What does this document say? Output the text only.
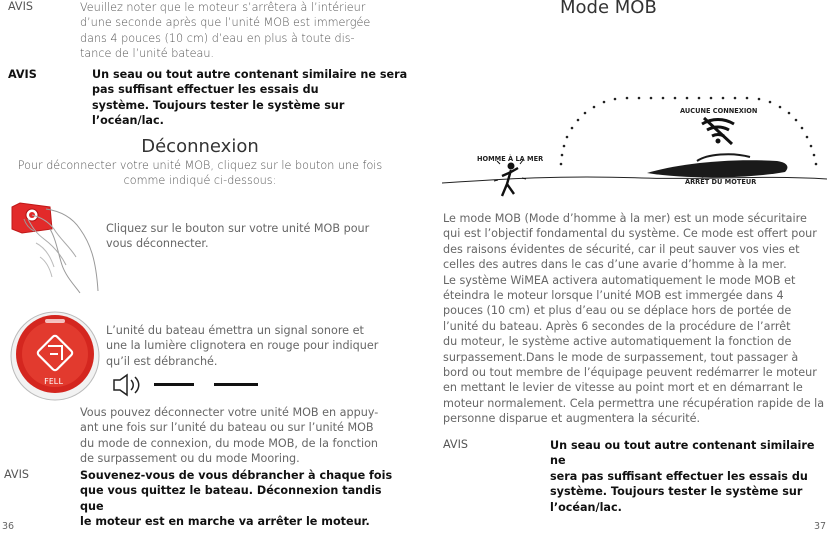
AVIS	Veuillez noter que le moteur s’arrêtera à l’intérieur
d’une seconde après que l’unité MOB est immergée
dans 4 pouces (10 cm) d’eau en plus à toute dis-
tance de l’unité bateau.
AVIS	Un seau ou tout autre contenant similaire ne sera
pas suffisant effectuer les essais du
système. Toujours tester le système sur l’océan/lac.
Déconnexion
Pour déconnecter votre unité MOB, cliquez sur le bouton une fois
comme indiqué ci-dessous:
Cliquez sur le bouton sur votre unité MOB pour
vous déconnecter.
FELL
L’unité du bateau émettra un signal sonore et
une la lumière clignotera en rouge pour indiquer
qu’il est débranché.
Vous pouvez déconnecter votre unité MOB en appuy-
ant une fois sur l’unité du bateau ou sur l’unité MOB
du mode de connexion, du mode MOB, de la fonction
de surpassement ou du mode Mooring.
AVIS	Souvenez-vous de vous débrancher à chaque fois
que vous quittez le bateau. Déconnexion tandis que
le moteur est en marche va arrêter le moteur.
36
Mode MOB
AUCUNE CONNEXION
HOMME À LA MER
ARRÊT DU MOTEUR
Le mode MOB (Mode d’homme à la mer) est un mode sécuritaire
qui est l’objectif fondamental du système. Ce mode est offert pour
des raisons évidentes de sécurité, car il peut sauver vos vies et
celles des autres dans le cas d’une avarie d’homme à la mer.
Le système WiMEA activera automatiquement le mode MOB et
éteindra le moteur lorsque l’unité MOB est immergée dans 4
pouces (10 cm) et plus d’eau ou se déplace hors de portée de
l’unité du bateau. Après 6 secondes de la procédure de l’arrêt
du moteur, le système active automatiquement la fonction de
surpassement.Dans le mode de surpassement, tout passager à
bord ou tout membre de l’équipage peuvent redémarrer le moteur
en mettant le levier de vitesse au point mort et en démarrant le
moteur normalement. Cela permettra une récupération rapide de la
personne disparue et augmentera la sécurité.
AVIS	Un seau ou tout autre contenant similaire ne
sera pas suffisant effectuer les essais du
système. Toujours tester le système sur
l’océan/lac.
37
